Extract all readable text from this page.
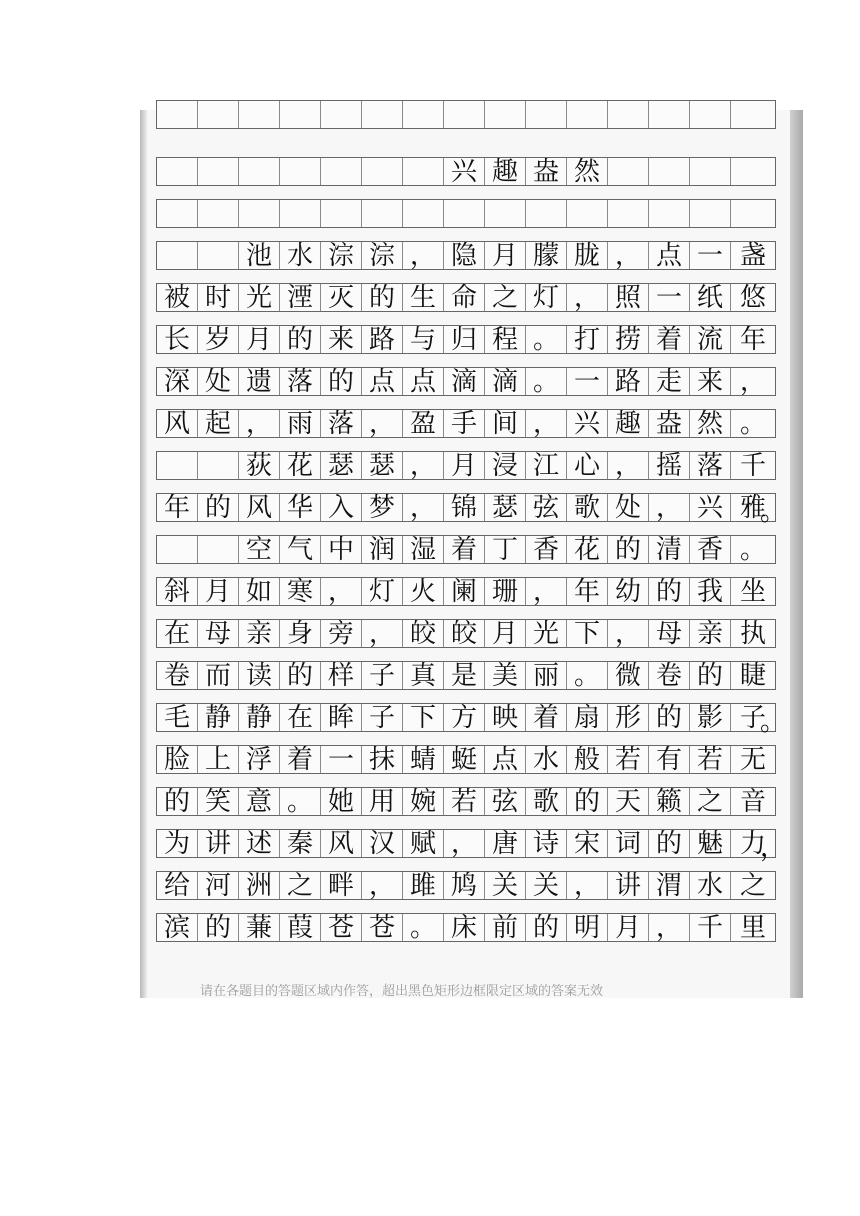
兴 趣 盎 然
池 水 淙 淙 ， 隐 月 朦 胧 ， 点 一 盏
被 时 光 湮 灭 的 生 命 之 灯 ， 照 一 纸 悠
长 岁 月 的 来 路 与 归 程 。 打 捞 着 流 年
深 处 遗 落 的 点 点 滴 滴 。 一 路 走 来 ，
风 起 ， 雨 落 ， 盈 手 间 ， 兴 趣 盎 然 。
荻 花 瑟 瑟 ， 月 浸 江 心 ， 摇 落 千
年 的 风 华 入 梦 ， 锦 瑟 弦 歌 处 ， 兴 雅
空 气 中 润 湿 着 丁 香 花 的 清 香 。
斜 月 如 寒 ， 灯 火 阑 珊 ， 年 幼 的 我 坐
在 母 亲 身 旁 ， 皎 皎 月 光 下 ， 母 亲 执
卷 而 读 的 样 子 真 是 美 丽 。 微 卷 的 睫
毛 静 静 在 眸 子 下 方 映 着 扇 形 的 影 子
脸 上 浮 着 一 抹 蜻 蜓 点 水 般 若 有 若 无
的 笑 意 。 她 用 婉 若 弦 歌 的 天 籁 之 音
为 讲 述 秦 风 汉 赋 ， 唐 诗 宋 词 的 魅 力
给 河 洲 之 畔 ， 雎 鸠 关 关 ， 讲 渭 水 之
滨 的 蒹 葭 苍 苍 。 床 前 的 明 月 ， 千 里
。
。
，
请在各题目的答题区域内作答，超出黑色矩形边框限定区域的答案无效
